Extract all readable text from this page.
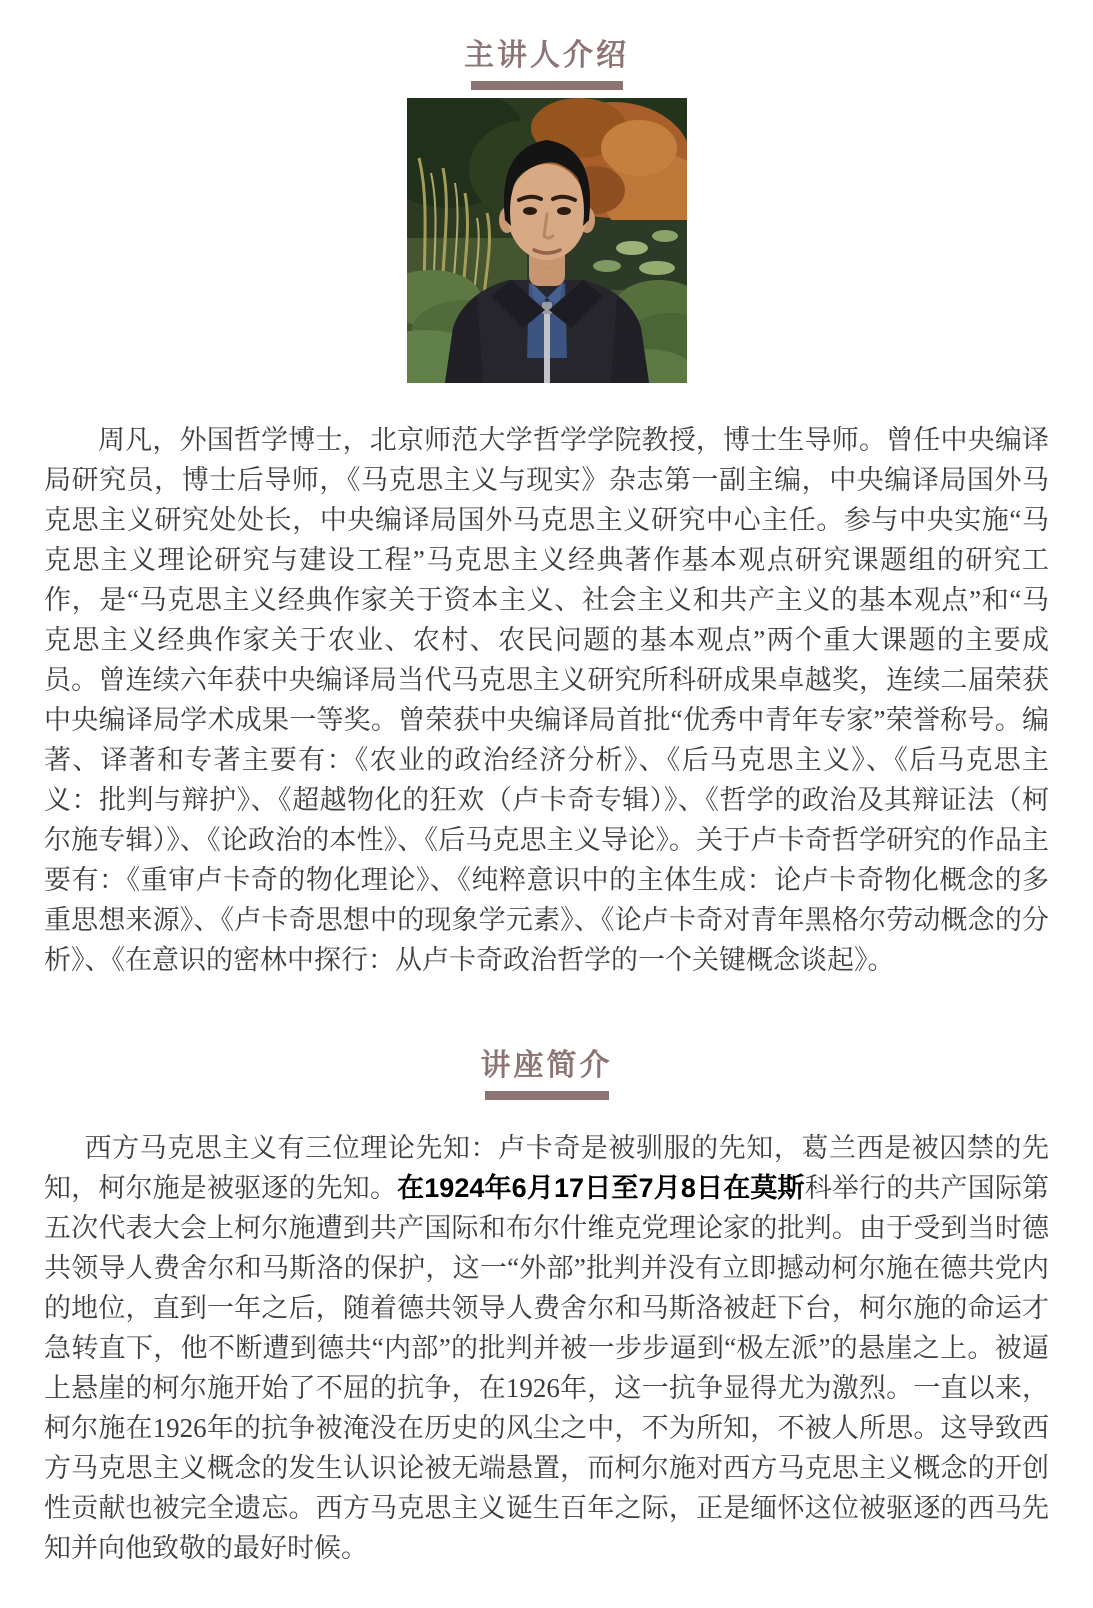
主讲人介绍

周凡，外国哲学博士，北京师范大学哲学学院教授，博士生导师。曾任中央编译局研究员，博士后导师，《马克思主义与现实》杂志第一副主编，中央编译局国外马克思主义研究处处长，中央编译局国外马克思主义研究中心主任。参与中央实施“马克思主义理论研究与建设工程”马克思主义经典著作基本观点研究课题组的研究工作，是“马克思主义经典作家关于资本主义、社会主义和共产主义的基本观点”和“马克思主义经典作家关于农业、农村、农民问题的基本观点”两个重大课题的主要成员。曾连续六年获中央编译局当代马克思主义研究所科研成果卓越奖，连续二届荣获中央编译局学术成果一等奖。曾荣获中央编译局首批“优秀中青年专家”荣誉称号。编著、译著和专著主要有：《农业的政治经济分析》、《后马克思主义》、《后马克思主义：批判与辩护》、《超越物化的狂欢（卢卡奇专辑）》、《哲学的政治及其辩证法（柯尔施专辑）》、《论政治的本性》、《后马克思主义导论》。关于卢卡奇哲学研究的作品主要有：《重审卢卡奇的物化理论》、《纯粹意识中的主体生成：论卢卡奇物化概念的多重思想来源》、《卢卡奇思想中的现象学元素》、《论卢卡奇对青年黑格尔劳动概念的分析》、《在意识的密林中探行：从卢卡奇政治哲学的一个关键概念谈起》。

讲座简介

西方马克思主义有三位理论先知：卢卡奇是被驯服的先知，葛兰西是被囚禁的先知，柯尔施是被驱逐的先知。在1924年6月17日至7月8日在莫斯科举行的共产国际第五次代表大会上柯尔施遭到共产国际和布尔什维克党理论家的批判。由于受到当时德共领导人费舍尔和马斯洛的保护，这一“外部”批判并没有立即撼动柯尔施在德共党内的地位，直到一年之后，随着德共领导人费舍尔和马斯洛被赶下台，柯尔施的命运才急转直下，他不断遭到德共“内部”的批判并被一步步逼到“极左派”的悬崖之上。被逼上悬崖的柯尔施开始了不屈的抗争，在1926年，这一抗争显得尤为激烈。一直以来，柯尔施在1926年的抗争被淹没在历史的风尘之中，不为所知，不被人所思。这导致西方马克思主义概念的发生认识论被无端悬置，而柯尔施对西方马克思主义概念的开创性贡献也被完全遗忘。西方马克思主义诞生百年之际，正是缅怀这位被驱逐的西马先知并向他致敬的最好时候。
